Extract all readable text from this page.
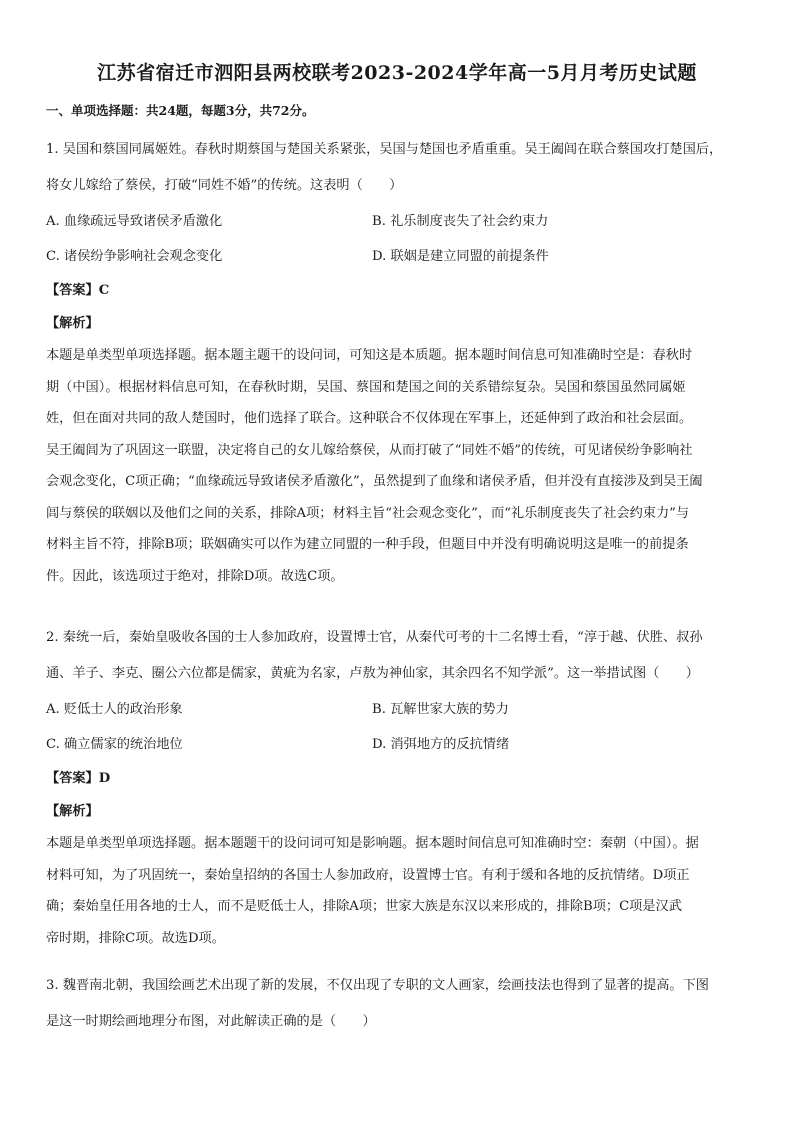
江苏省宿迁市泗阳县两校联考2023-2024学年高一5月月考历史试题
一、单项选择题：共24题，每题3分，共72分。
1. 吴国和蔡国同属姬姓。春秋时期蔡国与楚国关系紧张，吴国与楚国也矛盾重重。吴王阖闾在联合蔡国攻打楚国后，
将女儿嫁给了蔡侯，打破“同姓不婚”的传统。这表明（　　）
A. 血缘疏远导致诸侯矛盾激化	B. 礼乐制度丧失了社会约束力
C. 诸侯纷争影响社会观念变化	D. 联姻是建立同盟的前提条件
【答案】C
【解析】
本题是单类型单项选择题。据本题主题干的设问词，可知这是本质题。据本题时间信息可知准确时空是：春秋时
期（中国）。根据材料信息可知，在春秋时期，吴国、蔡国和楚国之间的关系错综复杂。吴国和蔡国虽然同属姬
姓，但在面对共同的敌人楚国时，他们选择了联合。这种联合不仅体现在军事上，还延伸到了政治和社会层面。
吴王阖闾为了巩固这一联盟，决定将自己的女儿嫁给蔡侯，从而打破了“同姓不婚”的传统，可见诸侯纷争影响社
会观念变化，C项正确；“血缘疏远导致诸侯矛盾激化”，虽然提到了血缘和诸侯矛盾，但并没有直接涉及到吴王阖
闾与蔡侯的联姻以及他们之间的关系，排除A项；材料主旨“社会观念变化”，而“礼乐制度丧失了社会约束力”与
材料主旨不符，排除B项；联姻确实可以作为建立同盟的一种手段，但题目中并没有明确说明这是唯一的前提条
件。因此，该选项过于绝对，排除D项。故选C项。
2. 秦统一后，秦始皇吸收各国的士人参加政府，设置博士官，从秦代可考的十二名博士看，“淳于越、伏胜、叔孙
通、羊子、李克、圈公六位都是儒家，黄疵为名家，卢敖为神仙家，其余四名不知学派”。这一举措试图（　　）
A. 贬低士人的政治形象	B. 瓦解世家大族的势力
C. 确立儒家的统治地位	D. 消弭地方的反抗情绪
【答案】D
【解析】
本题是单类型单项选择题。据本题题干的设问词可知是影响题。据本题时间信息可知准确时空：秦朝（中国）。据
材料可知，为了巩固统一，秦始皇招纳的各国士人参加政府，设置博士官。有利于缓和各地的反抗情绪。D项正
确；秦始皇任用各地的士人，而不是贬低士人，排除A项；世家大族是东汉以来形成的，排除B项；C项是汉武
帝时期，排除C项。故选D项。
3. 魏晋南北朝，我国绘画艺术出现了新的发展，不仅出现了专职的文人画家，绘画技法也得到了显著的提高。下图
是这一时期绘画地理分布图，对此解读正确的是（　　）
